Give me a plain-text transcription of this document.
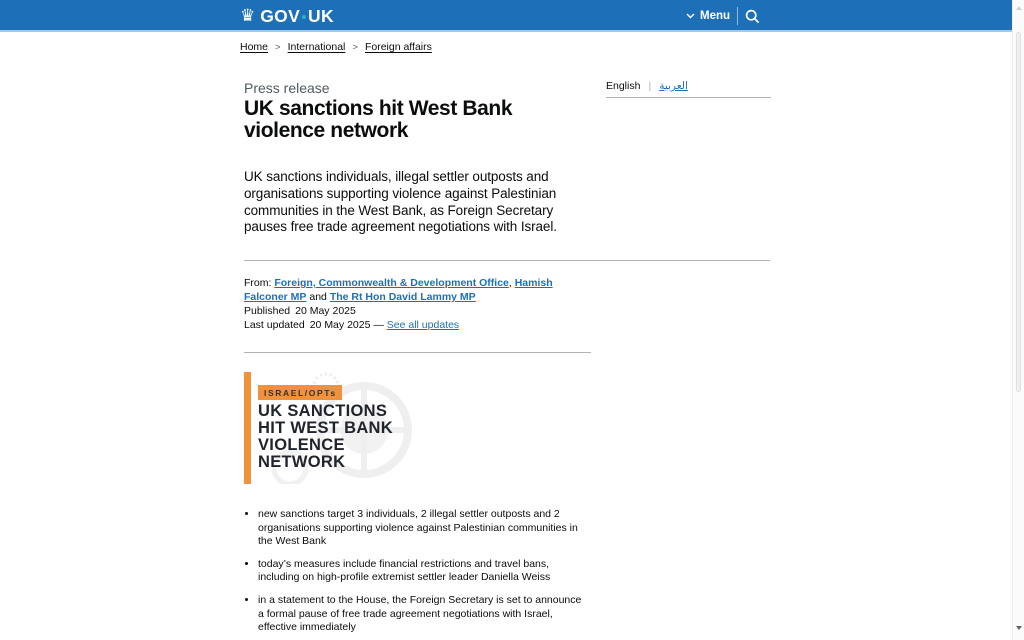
♛ GOV UK	Menu
Home > International > Foreign affairs

Press release

UK sanctions hit West Bank violence network
English | العربية

UK sanctions individuals, illegal settler outposts and organisations supporting violence against Palestinian communities in the West Bank, as Foreign Secretary pauses free trade agreement negotiations with Israel.

From: Foreign, Commonwealth & Development Office, Hamish Falconer MP and The Rt Hon David Lammy MP

Published 20 May 2025

Last updated 20 May 2025 — See all updates

ISRAEL/OPTs
UK SANCTIONS
HIT WEST BANK
VIOLENCE
NETWORK
• new sanctions target 3 individuals, 2 illegal settler outposts and 2 organisations supporting violence against Palestinian communities in the West Bank
• today’s measures include financial restrictions and travel bans, including on high-profile extremist settler leader Daniella Weiss
• in a statement to the House, the Foreign Secretary is set to announce a formal pause of free trade agreement negotiations with Israel, effective immediately
